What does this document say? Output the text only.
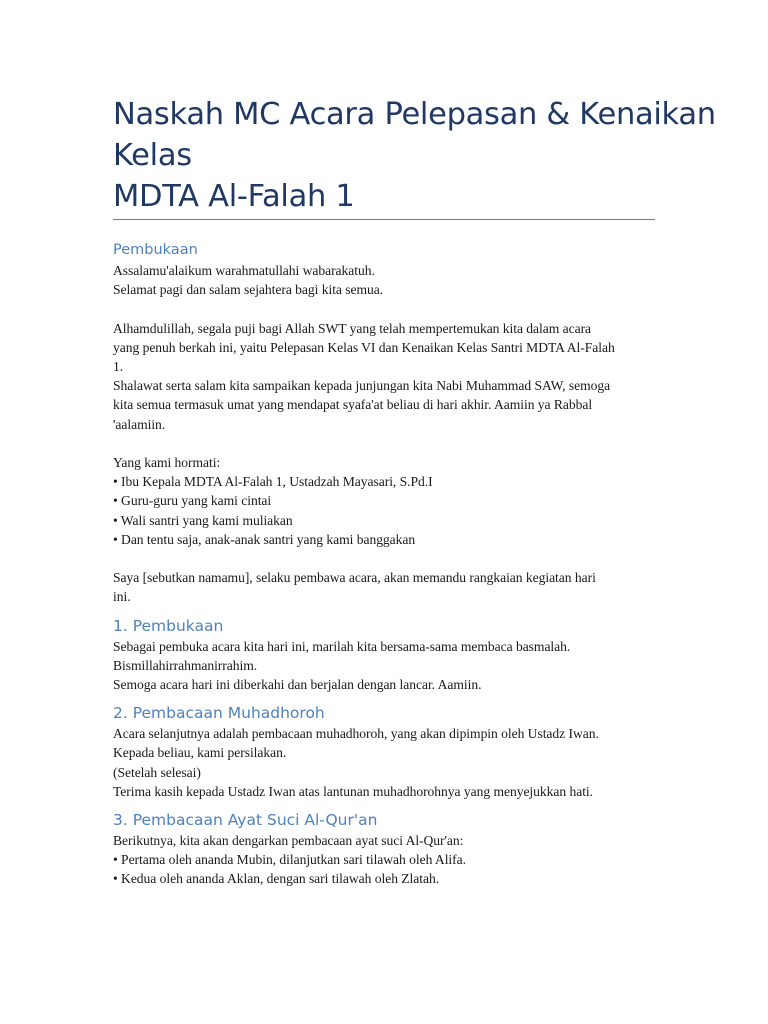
Naskah MC Acara Pelepasan & Kenaikan
Kelas
MDTA Al-Falah 1
Pembukaan

Assalamu'alaikum warahmatullahi wabarakatuh.

Selamat pagi dan salam sejahtera bagi kita semua.

Alhamdulillah, segala puji bagi Allah SWT yang telah mempertemukan kita dalam acara

yang penuh berkah ini, yaitu Pelepasan Kelas VI dan Kenaikan Kelas Santri MDTA Al-Falah

1.

Shalawat serta salam kita sampaikan kepada junjungan kita Nabi Muhammad SAW, semoga

kita semua termasuk umat yang mendapat syafa'at beliau di hari akhir. Aamiin ya Rabbal

'aalamiin.

Yang kami hormati:

• Ibu Kepala MDTA Al-Falah 1, Ustadzah Mayasari, S.Pd.I

• Guru-guru yang kami cintai

• Wali santri yang kami muliakan

• Dan tentu saja, anak-anak santri yang kami banggakan

Saya [sebutkan namamu], selaku pembawa acara, akan memandu rangkaian kegiatan hari

ini.

1. Pembukaan

Sebagai pembuka acara kita hari ini, marilah kita bersama-sama membaca basmalah.

Bismillahirrahmanirrahim.

Semoga acara hari ini diberkahi dan berjalan dengan lancar. Aamiin.

2. Pembacaan Muhadhoroh

Acara selanjutnya adalah pembacaan muhadhoroh, yang akan dipimpin oleh Ustadz Iwan.

Kepada beliau, kami persilakan.

(Setelah selesai)

Terima kasih kepada Ustadz Iwan atas lantunan muhadhorohnya yang menyejukkan hati.

3. Pembacaan Ayat Suci Al-Qur'an

Berikutnya, kita akan dengarkan pembacaan ayat suci Al-Qur'an:

• Pertama oleh ananda Mubin, dilanjutkan sari tilawah oleh Alifa.

• Kedua oleh ananda Aklan, dengan sari tilawah oleh Zlatah.
